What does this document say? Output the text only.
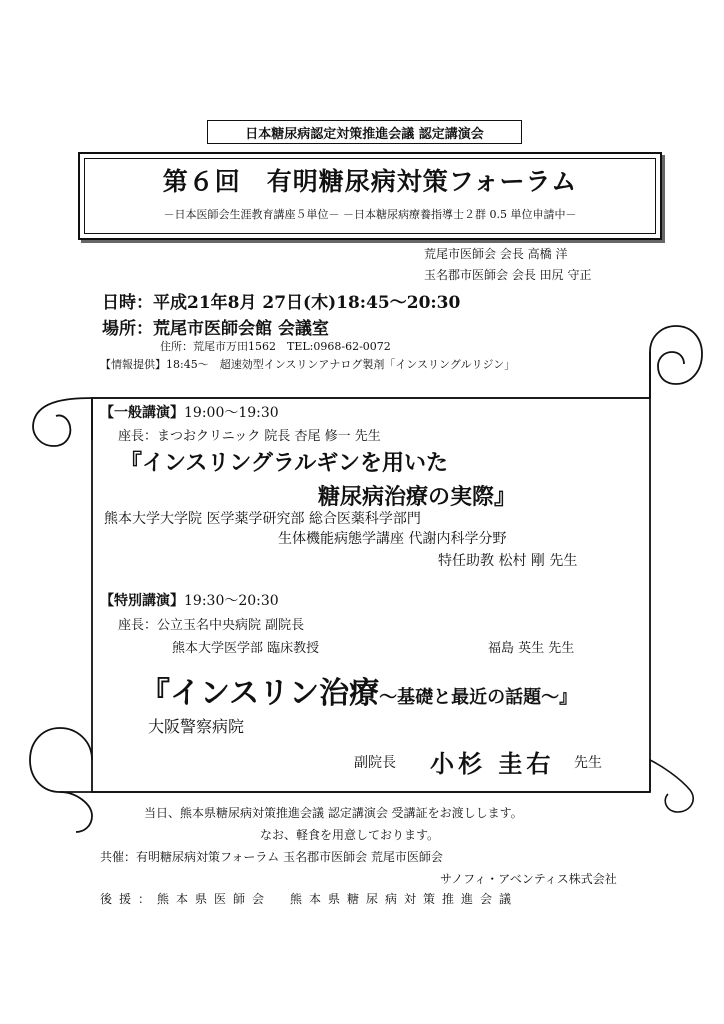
日本糖尿病認定対策推進会議 認定講演会
第６回　有明糖尿病対策フォーラム
－日本医師会生涯教育講座５単位－ －日本糖尿病療養指導士２群 0.5 単位申請中－
荒尾市医師会 会長 高橋 洋
玉名郡市医師会 会長 田尻 守正
日時：平成21年8月 27日(木)18:45～20:30
場所：荒尾市医師会館 会議室
住所：荒尾市万田1562　TEL:0968-62-0072
【情報提供】18:45～　超速効型インスリンアナログ製剤「インスリングルリジン」
【一般講演】19:00～19:30
座長：まつおクリニック 院長 杏尾 修一 先生
『インスリングラルギンを用いた
糖尿病治療の実際』
熊本大学大学院 医学薬学研究部 総合医薬科学部門
生体機能病態学講座 代謝内科学分野
特任助教 松村 剛 先生
【特別講演】19:30～20:30
座長：公立玉名中央病院 副院長
熊本大学医学部 臨床教授	福島 英生 先生
『インスリン治療～基礎と最近の話題～』
大阪警察病院
副院長 小杉 圭右 先生
当日、熊本県糖尿病対策推進会議 認定講演会 受講証をお渡しします。
なお、軽食を用意しております。
共催：有明糖尿病対策フォーラム 玉名郡市医師会 荒尾市医師会
サノフィ・アベンティス株式会社
後援：熊本県医師会　熊本県糖尿病対策推進会議
